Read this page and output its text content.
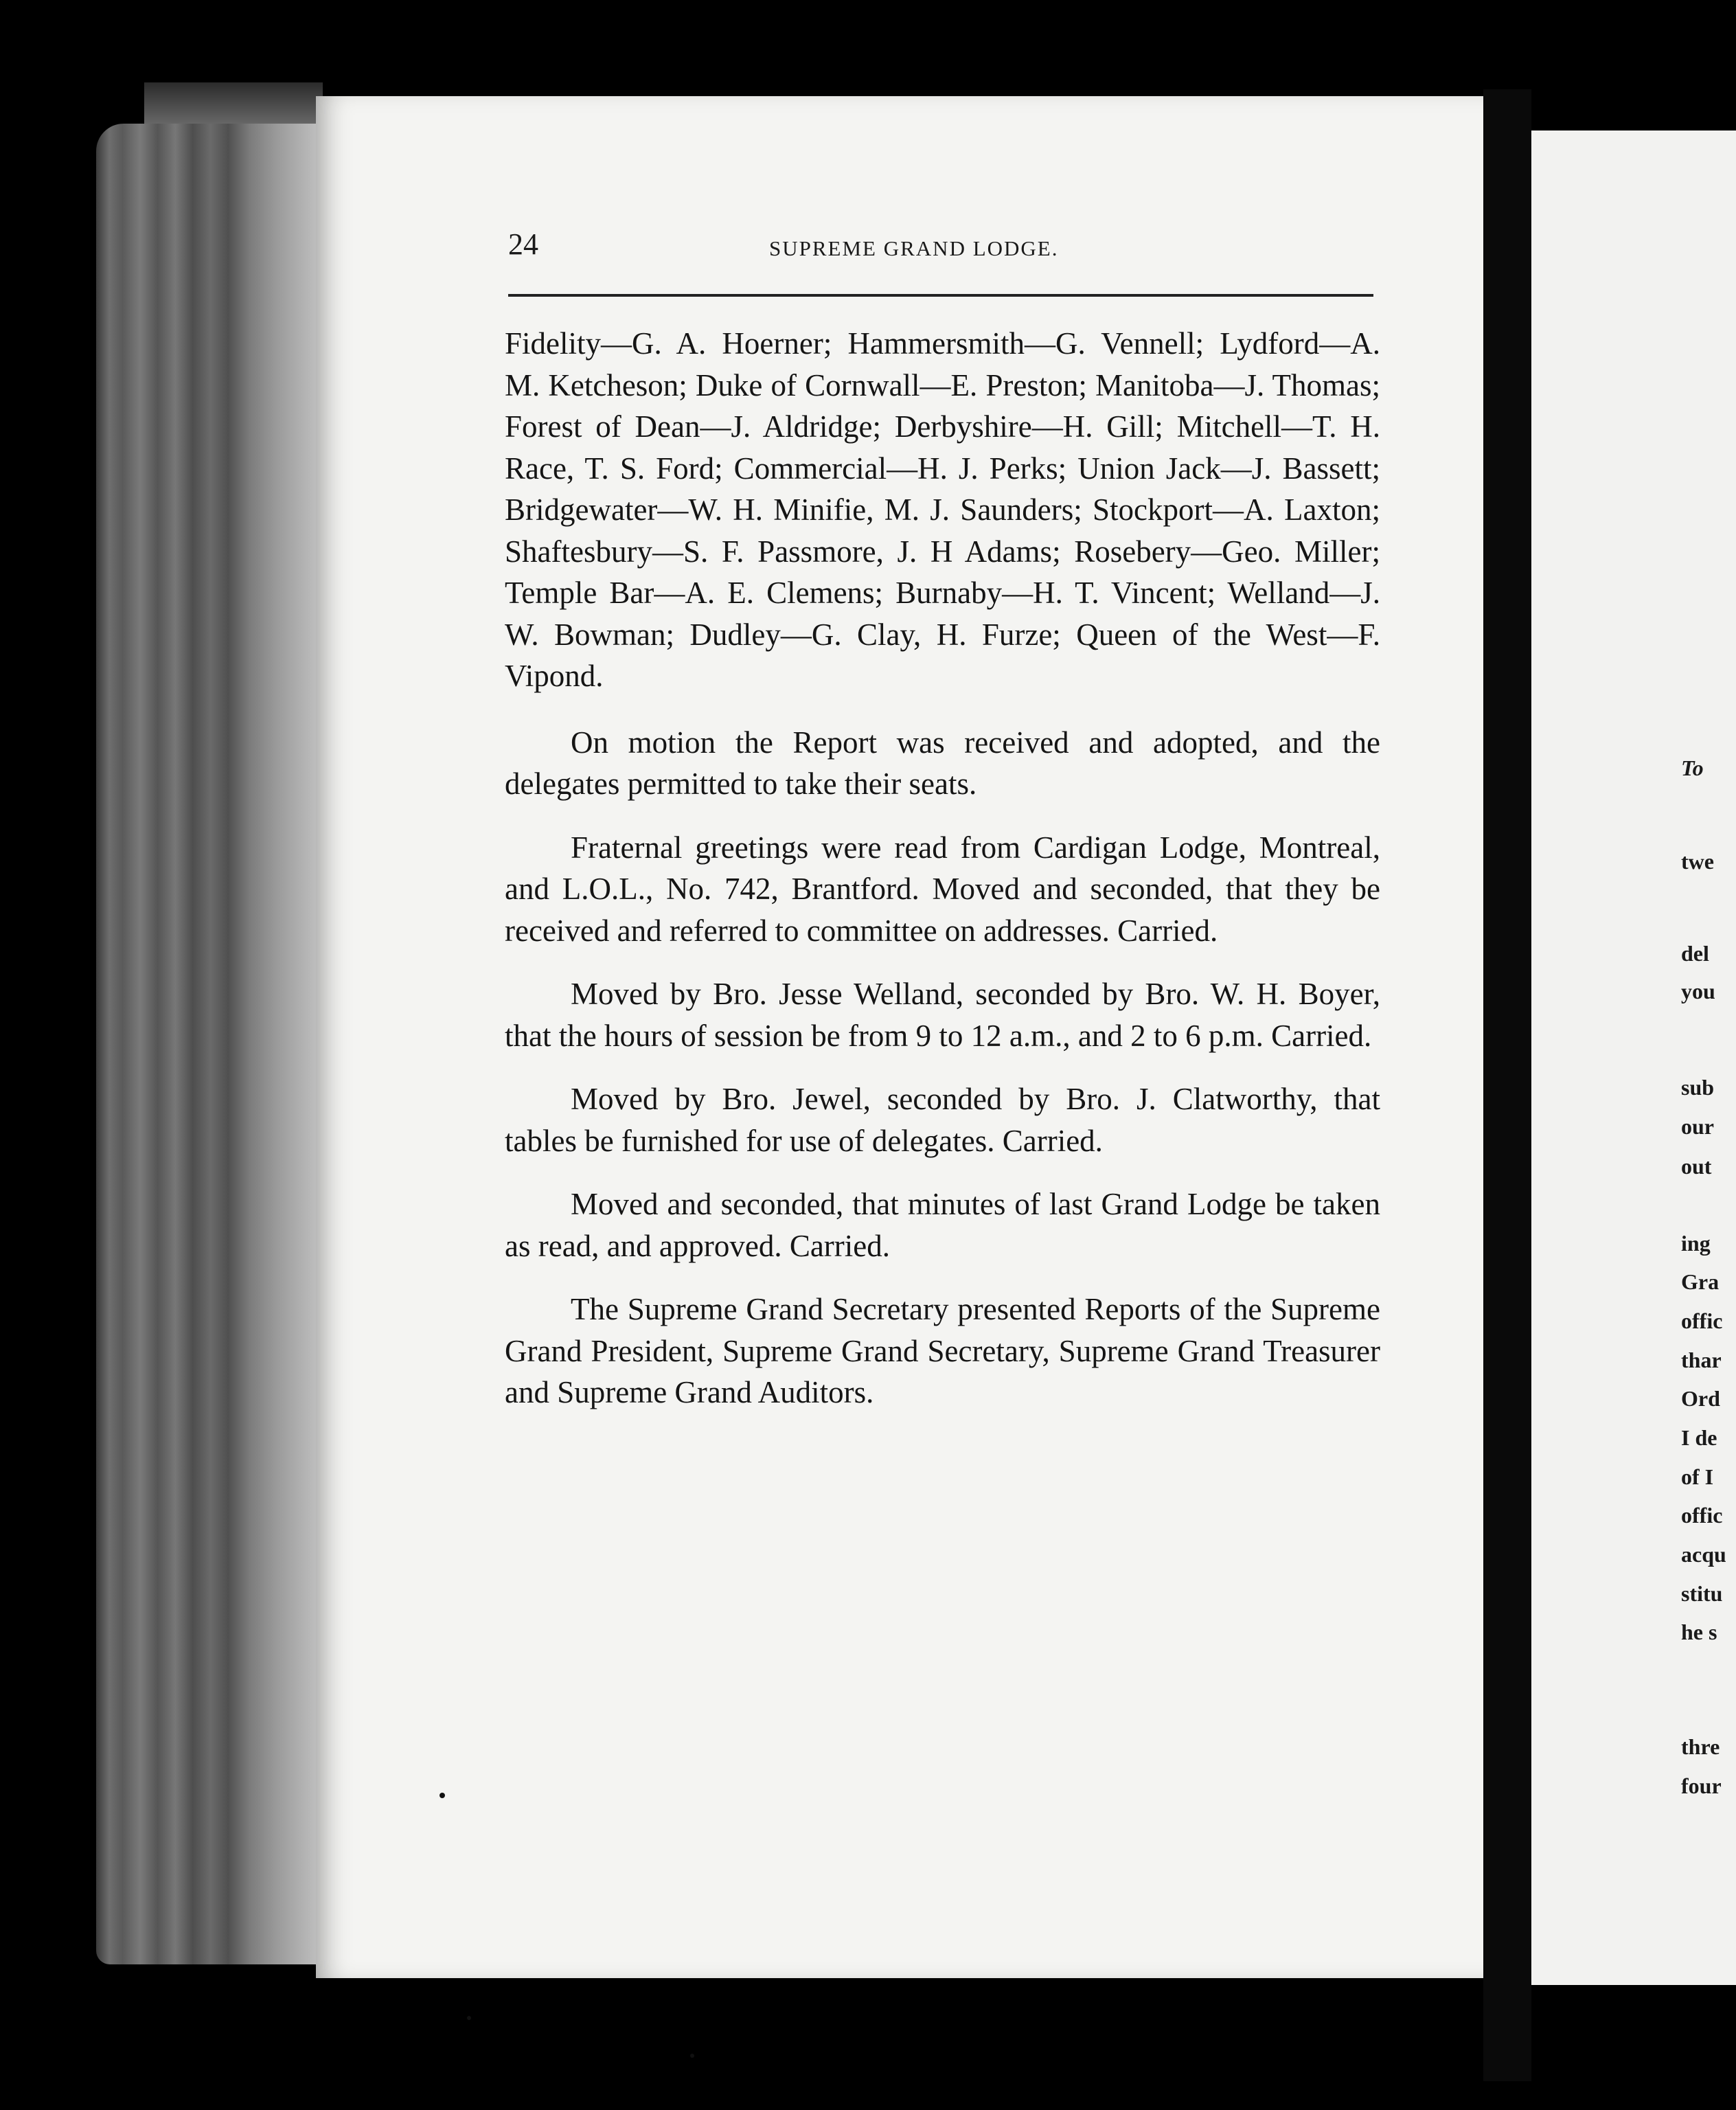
24	SUPREME GRAND LODGE.

Fidelity—G. A. Hoerner; Hammersmith—G. Vennell; Lydford—A. M. Ketcheson; Duke of Cornwall—E. Preston; Manitoba—J. Thomas; Forest of Dean—J. Aldridge; Derbyshire—H. Gill; Mitchell—T. H. Race, T. S. Ford; Commercial—H. J. Perks; Union Jack—J. Bassett; Bridgewater—W. H. Minifie, M. J. Saunders; Stockport—A. Laxton; Shaftesbury—S. F. Passmore, J. H Adams; Rosebery—Geo. Miller; Temple Bar—A. E. Clemens; Burnaby—H. T. Vincent; Welland—J. W. Bowman; Dudley—G. Clay, H. Furze; Queen of the West—F. Vipond.

On motion the Report was received and adopted, and the delegates permitted to take their seats.

Fraternal greetings were read from Cardigan Lodge, Montreal, and L.O.L., No. 742, Brantford. Moved and seconded, that they be received and referred to committee on addresses. Carried.

Moved by Bro. Jesse Welland, seconded by Bro. W. H. Boyer, that the hours of session be from 9 to 12 a.m., and 2 to 6 p.m. Carried.

Moved by Bro. Jewel, seconded by Bro. J. Clatworthy, that tables be furnished for use of delegates. Carried.

Moved and seconded, that minutes of last Grand Lodge be taken as read, and approved. Carried.

The Supreme Grand Secretary presented Reports of the Supreme Grand President, Supreme Grand Secretary, Supreme Grand Treasurer and Supreme Grand Auditors.

To
twe
del
you
sub
our
out
ing
Gra
offic
thar
Ord
I de
of I
offic
acqu
stitu
he s
thre
four
